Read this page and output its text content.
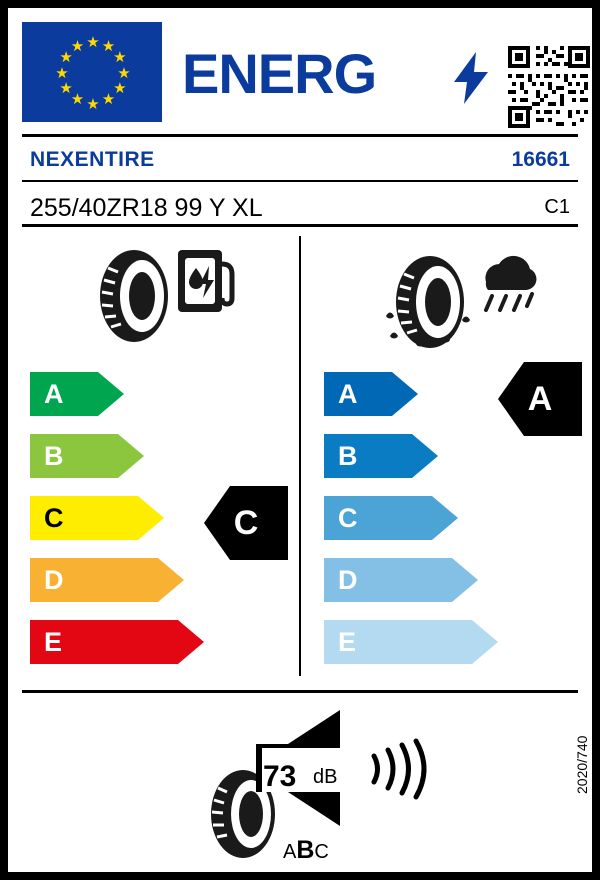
★ ★
★
★
★
★
★
★
★
★
★
★ ENERG
NEXENTIRE	16661
255/40ZR18 99 Y XL	C1
A
B
C
D
E
C
A
B
C
D
E
A
73 dB
ABC
2020/740
